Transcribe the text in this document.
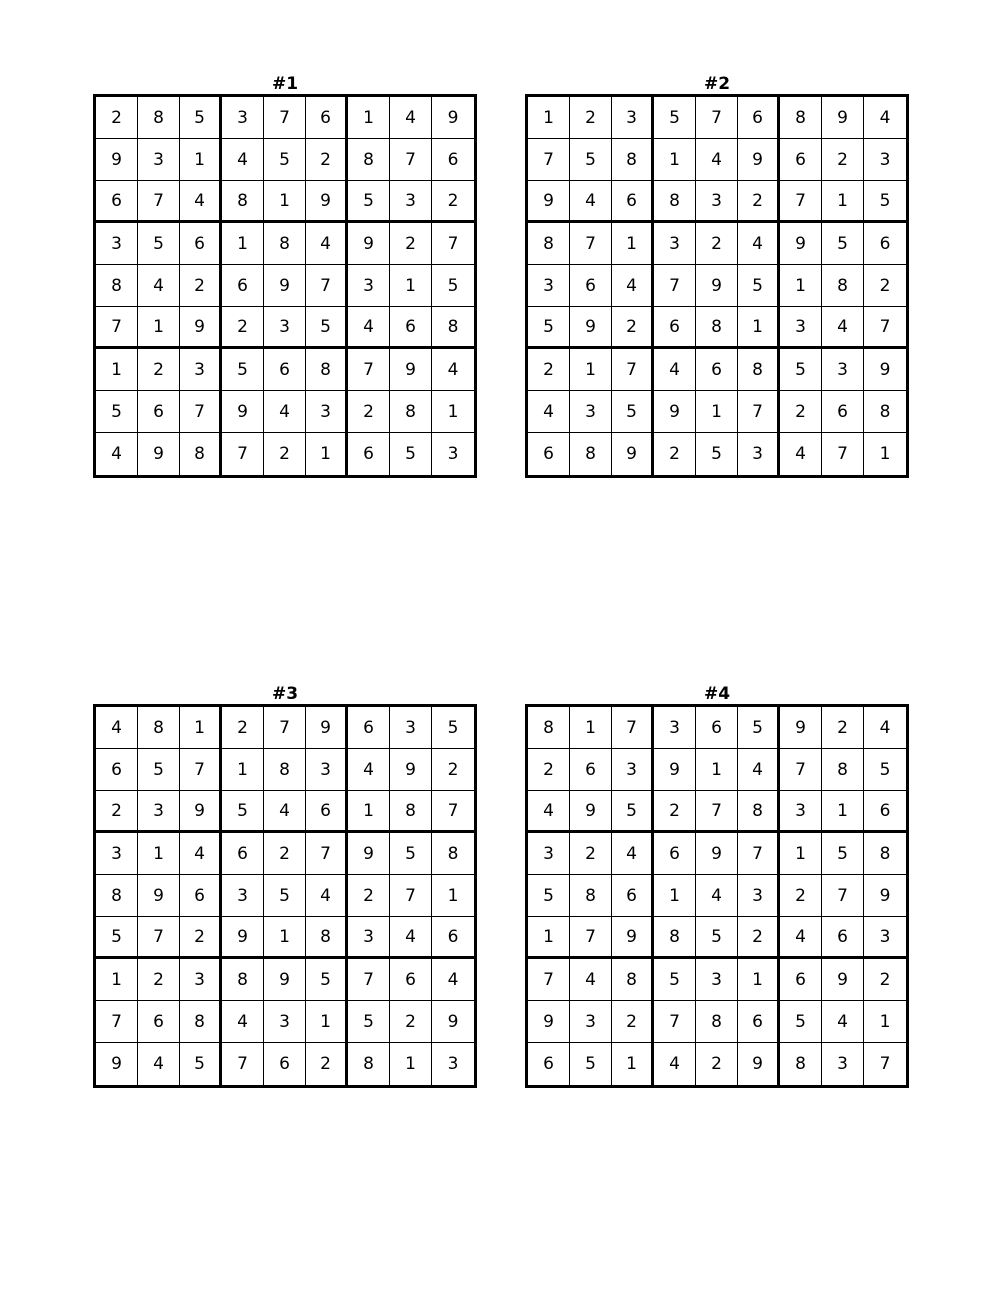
#1
2	8	5	3	7	6	1	4	9
9	3	1	4	5	2	8	7	6
6	7	4	8	1	9	5	3	2
3	5	6	1	8	4	9	2	7
8	4	2	6	9	7	3	1	5
7	1	9	2	3	5	4	6	8
1	2	3	5	6	8	7	9	4
5	6	7	9	4	3	2	8	1
4	9	8	7	2	1	6	5	3
#2
1	2	3	5	7	6	8	9	4
7	5	8	1	4	9	6	2	3
9	4	6	8	3	2	7	1	5
8	7	1	3	2	4	9	5	6
3	6	4	7	9	5	1	8	2
5	9	2	6	8	1	3	4	7
2	1	7	4	6	8	5	3	9
4	3	5	9	1	7	2	6	8
6	8	9	2	5	3	4	7	1
#3
4	8	1	2	7	9	6	3	5
6	5	7	1	8	3	4	9	2
2	3	9	5	4	6	1	8	7
3	1	4	6	2	7	9	5	8
8	9	6	3	5	4	2	7	1
5	7	2	9	1	8	3	4	6
1	2	3	8	9	5	7	6	4
7	6	8	4	3	1	5	2	9
9	4	5	7	6	2	8	1	3
#4
8	1	7	3	6	5	9	2	4
2	6	3	9	1	4	7	8	5
4	9	5	2	7	8	3	1	6
3	2	4	6	9	7	1	5	8
5	8	6	1	4	3	2	7	9
1	7	9	8	5	2	4	6	3
7	4	8	5	3	1	6	9	2
9	3	2	7	8	6	5	4	1
6	5	1	4	2	9	8	3	7
